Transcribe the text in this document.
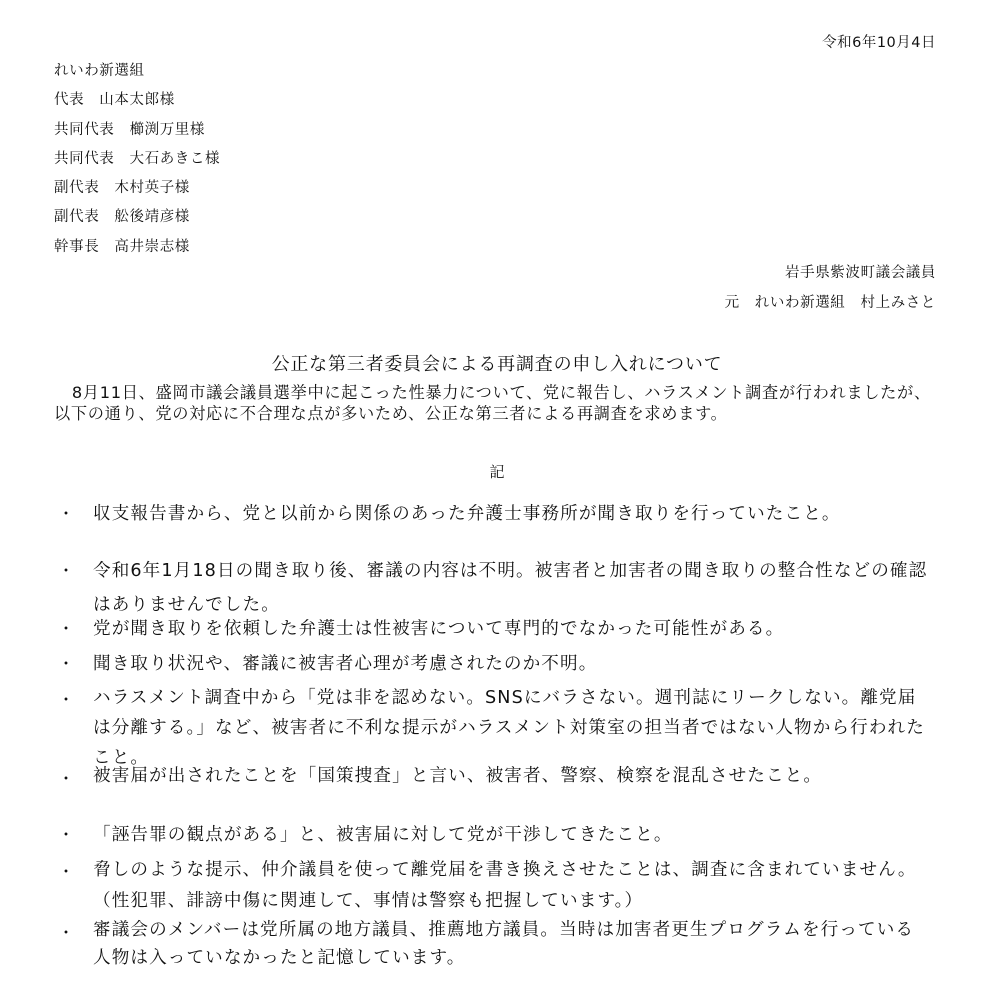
令和6年10月4日
れいわ新選組
代表　山本太郎様
共同代表　櫛渕万里様
共同代表　大石あきこ様
副代表　木村英子様
副代表　舩後靖彦様
幹事長　高井崇志様
岩手県紫波町議会議員
元　れいわ新選組　村上みさと
公正な第三者委員会による再調査の申し入れについて
8月11日、盛岡市議会議員選挙中に起こった性暴力について、党に報告し、ハラスメント調査が行われましたが、以下の通り、党の対応に不合理な点が多いため、公正な第三者による再調査を求めます。
記
・ 収支報告書から、党と以前から関係のあった弁護士事務所が聞き取りを行っていたこと。
・ 令和6年1月18日の聞き取り後、審議の内容は不明。被害者と加害者の聞き取りの整合性などの確認はありませんでした。
・ 党が聞き取りを依頼した弁護士は性被害について専門的でなかった可能性がある。
・ 聞き取り状況や、審議に被害者心理が考慮されたのか不明。
・ ハラスメント調査中から「党は非を認めない。SNSにバラさない。週刊誌にリークしない。離党届は分離する。」など、被害者に不利な提示がハラスメント対策室の担当者ではない人物から行われたこと。
・ 被害届が出されたことを「国策捜査」と言い、被害者、警察、検察を混乱させたこと。
・ 「誣告罪の観点がある」と、被害届に対して党が干渉してきたこと。
・ 脅しのような提示、仲介議員を使って離党届を書き換えさせたことは、調査に含まれていません。（性犯罪、誹謗中傷に関連して、事情は警察も把握しています。）
・ 審議会のメンバーは党所属の地方議員、推薦地方議員。当時は加害者更生プログラムを行っている人物は入っていなかったと記憶しています。
